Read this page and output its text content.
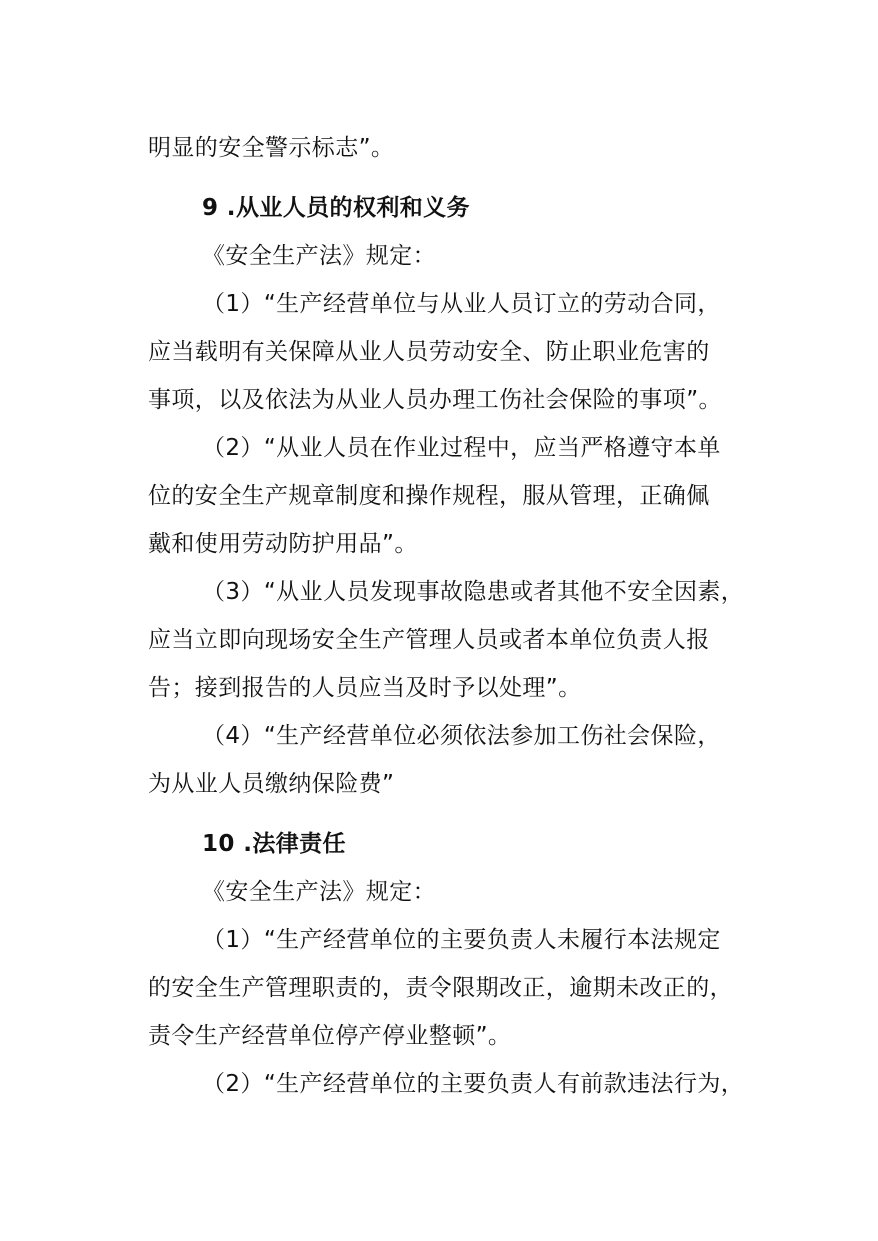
明显的安全警示标志”。
9 .从业人员的权利和义务
《安全生产法》规定：
（1）“生产经营单位与从业人员订立的劳动合同，
应当载明有关保障从业人员劳动安全、防止职业危害的
事项，以及依法为从业人员办理工伤社会保险的事项”。
（2）“从业人员在作业过程中，应当严格遵守本单
位的安全生产规章制度和操作规程，服从管理，正确佩
戴和使用劳动防护用品”。
（3）“从业人员发现事故隐患或者其他不安全因素，
应当立即向现场安全生产管理人员或者本单位负责人报
告；接到报告的人员应当及时予以处理”。
（4）“生产经营单位必须依法参加工伤社会保险，
为从业人员缴纳保险费”
10 .法律责任
《安全生产法》规定：
（1）“生产经营单位的主要负责人未履行本法规定
的安全生产管理职责的，责令限期改正，逾期未改正的，
责令生产经营单位停产停业整顿”。
（2）“生产经营单位的主要负责人有前款违法行为，
